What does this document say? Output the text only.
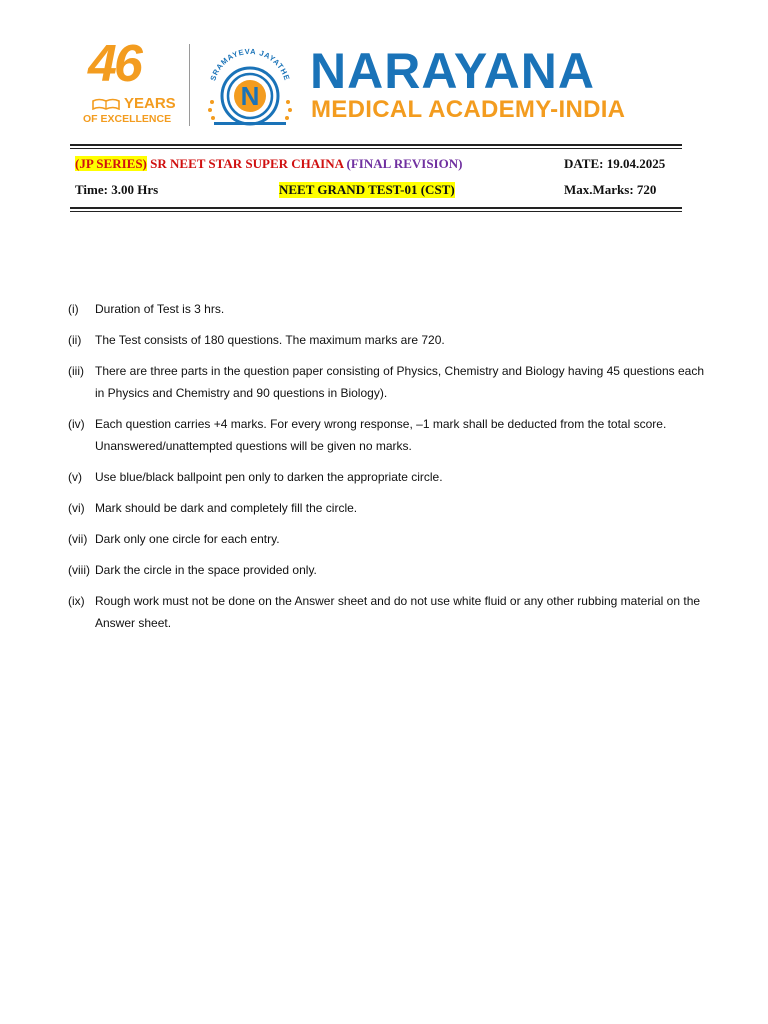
46
YEARS
OF EXCELLENCE
SRAMAYEVA JAYATHE
N NARAYANA
MEDICAL ACADEMY-INDIA
(JP SERIES) SR NEET STAR SUPER CHAINA (FINAL REVISION)	DATE: 19.04.2025
Time: 3.00 Hrs	NEET GRAND TEST-01 (CST)	Max.Marks: 720
(i) Duration of Test is 3 hrs.
(ii) The Test consists of 180 questions. The maximum marks are 720.
(iii) There are three parts in the question paper consisting of Physics, Chemistry and Biology having 45 questions each in Physics and Chemistry and 90 questions in Biology).
(iv) Each question carries +4 marks. For every wrong response, –1 mark shall be deducted from the total score. Unanswered/unattempted questions will be given no marks.
(v) Use blue/black ballpoint pen only to darken the appropriate circle.
(vi) Mark should be dark and completely fill the circle.
(vii) Dark only one circle for each entry.
(viii) Dark the circle in the space provided only.
(ix) Rough work must not be done on the Answer sheet and do not use white fluid or any other rubbing material on the Answer sheet.
